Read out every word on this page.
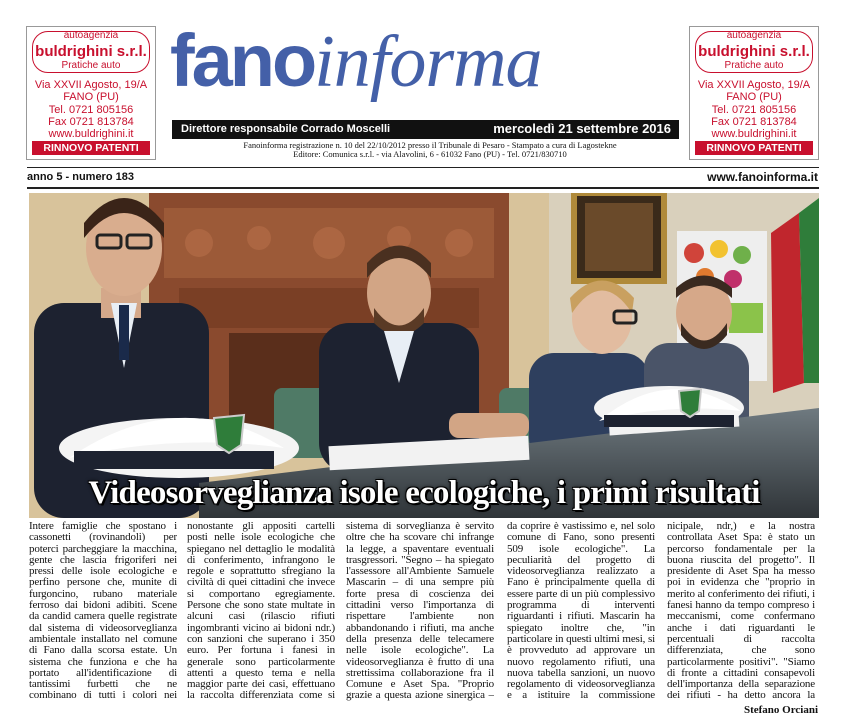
autoagenzia
buldrighini s.r.l.
Pratiche auto
Via XXVII Agosto, 19/A
FANO (PU)
Tel. 0721 805156
Fax 0721 813784
www.buldrighini.it
RINNOVO PATENTI
fanoinforma
Direttore responsabile Corrado Moscelli	mercoledì 21 settembre 2016
Fanoinforma registrazione n. 10 del 22/10/2012 presso il Tribunale di Pesaro - Stampato a cura di Lagostekne
Editore: Comunica s.r.l. - via Alavolini, 6 - 61032 Fano (PU) - Tel. 0721/830710
autoagenzia
buldrighini s.r.l.
Pratiche auto
Via XXVII Agosto, 19/A
FANO (PU)
Tel. 0721 805156
Fax 0721 813784
www.buldrighini.it
RINNOVO PATENTI
anno 5 - numero 183	www.fanoinforma.it
Videosorveglianza isole ecologiche, i primi risultati
Intere famiglie che spostano i cassonetti (rovinandoli) per poterci parcheggiare la macchina, gente che lascia frigoriferi nei pressi delle isole ecologiche e perfino persone che, munite di furgoncino, rubano materiale ferroso dai bidoni adibiti. Scene da candid camera quelle registrate dal sistema di videosorveglianza ambientale installato nel comune di Fano dalla scorsa estate. Un sistema che funziona e che ha portato all'identificazione di tantissimi furbetti che ne combinano di tutti i colori nei
nonostante gli appositi cartelli posti nelle isole ecologiche che spiegano nel dettaglio le modalità di conferimento, infrangono le regole e soprattutto sfregiano la civiltà di quei cittadini che invece si comportano egregiamente. Persone che sono state multate in alcuni casi (rilascio rifiuti ingombranti vicino ai bidoni ndr.) con sanzioni che superano i 350 euro. Per fortuna i fanesi in generale sono particolarmente attenti a questo tema e nella maggior parte dei casi, effettuano la raccolta differenziata come si
sistema di sorveglianza è servito oltre che ha scovare chi infrange la legge, a spaventare eventuali trasgressori. "Segno – ha spiegato l'assessore all'Ambiente Samuele Mascarin – di una sempre più forte presa di coscienza dei cittadini verso l'importanza di rispettare l'ambiente non abbandonando i rifiuti, ma anche della presenza delle telecamere nelle isole ecologiche". La videosorveglianza è frutto di una strettissima collaborazione fra il Comune e Aset Spa. "Proprio grazie a questa azione sinergica –
da coprire è vastissimo e, nel solo comune di Fano, sono presenti 509 isole ecologiche". La peculiarità del progetto di videosorveglianza realizzato a Fano è principalmente quella di essere parte di un più complessivo programma di interventi riguardanti i rifiuti. Mascarin ha spiegato inoltre che, "in particolare in questi ultimi mesi, si è provveduto ad approvare un nuovo regolamento rifiuti, una nuova tabella sanzioni, un nuovo regolamento di videosorveglianza e a istituire la commissione
nicipale, ndr,) e la nostra controllata Aset Spa: è stato un percorso fondamentale per la buona riuscita del progetto". Il presidente di Aset Spa ha messo poi in evidenza che "proprio in merito al conferimento dei rifiuti, i fanesi hanno da tempo compreso i meccanismi, come confermano anche i dati riguardanti le percentuali di raccolta differenziata, che sono particolarmente positivi". "Siamo di fronte a cittadini consapevoli dell'importanza della separazione dei rifiuti - ha detto ancora la
Stefano Orciani
